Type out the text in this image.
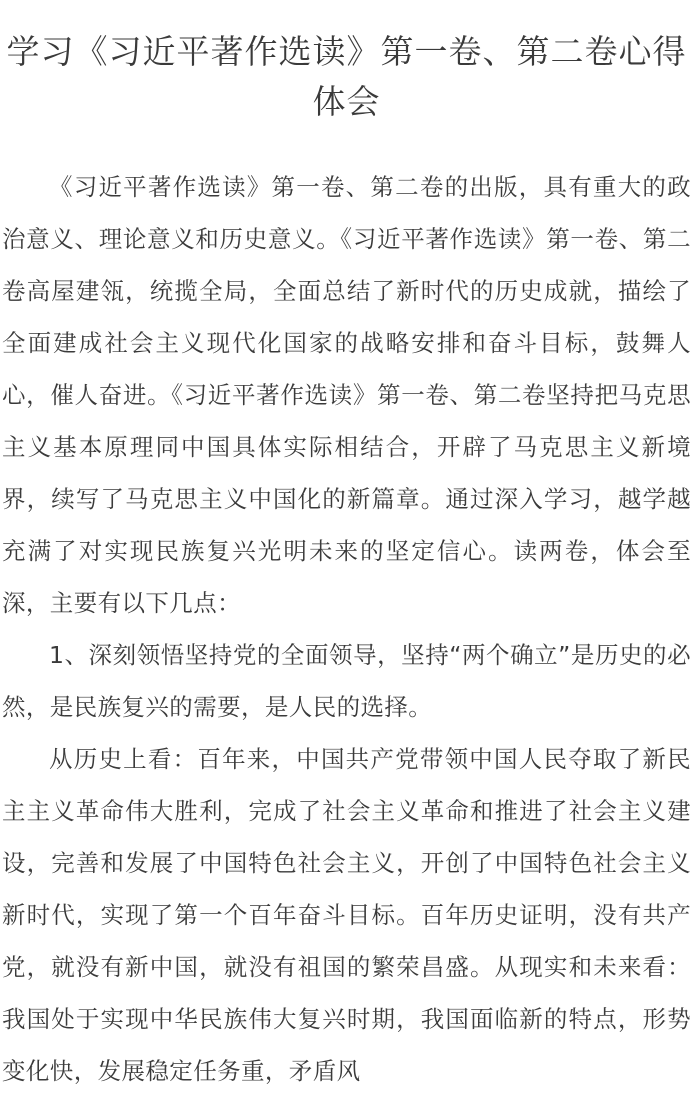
学习《习近平著作选读》第一卷、第二卷心得体会

《习近平著作选读》第一卷、第二卷的出版，具有重大的政治意义、理论意义和历史意义。《习近平著作选读》第一卷、第二卷高屋建瓴，统揽全局，全面总结了新时代的历史成就，描绘了全面建成社会主义现代化国家的战略安排和奋斗目标，鼓舞人心，催人奋进。《习近平著作选读》第一卷、第二卷坚持把马克思主义基本原理同中国具体实际相结合，开辟了马克思主义新境界，续写了马克思主义中国化的新篇章。通过深入学习，越学越充满了对实现民族复兴光明未来的坚定信心。读两卷，体会至深，主要有以下几点：

1、深刻领悟坚持党的全面领导，坚持“两个确立”是历史的必然，是民族复兴的需要，是人民的选择。

从历史上看：百年来，中国共产党带领中国人民夺取了新民主主义革命伟大胜利，完成了社会主义革命和推进了社会主义建设，完善和发展了中国特色社会主义，开创了中国特色社会主义新时代，实现了第一个百年奋斗目标。百年历史证明，没有共产党，就没有新中国，就没有祖国的繁荣昌盛。从现实和未来看：我国处于实现中华民族伟大复兴时期，我国面临新的特点，形势变化快，发展稳定任务重，矛盾风
